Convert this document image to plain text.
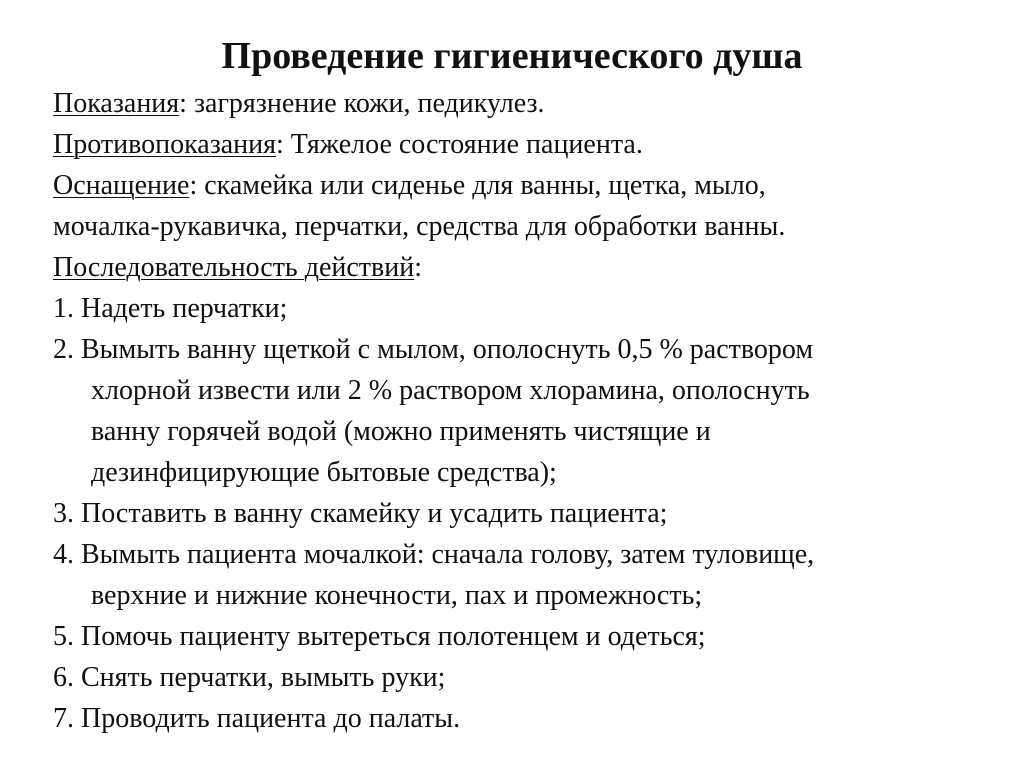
Проведение гигиенического душа
Показания: загрязнение кожи, педикулез.
Противопоказания: Тяжелое состояние пациента.
Оснащение: скамейка или сиденье для ванны, щетка, мыло,
мочалка-рукавичка, перчатки, средства для обработки ванны.
Последовательность действий:
1. Надеть перчатки;
2. Вымыть ванну щеткой с мылом, ополоснуть 0,5 % раствором
хлорной извести или 2 % раствором хлорамина, ополоснуть
ванну горячей водой (можно применять чистящие и
дезинфицирующие бытовые средства);
3. Поставить в ванну скамейку и усадить пациента;
4. Вымыть пациента мочалкой: сначала голову, затем туловище,
верхние и нижние конечности, пах и промежность;
5. Помочь пациенту вытереться полотенцем и одеться;
6. Снять перчатки, вымыть руки;
7. Проводить пациента до палаты.
